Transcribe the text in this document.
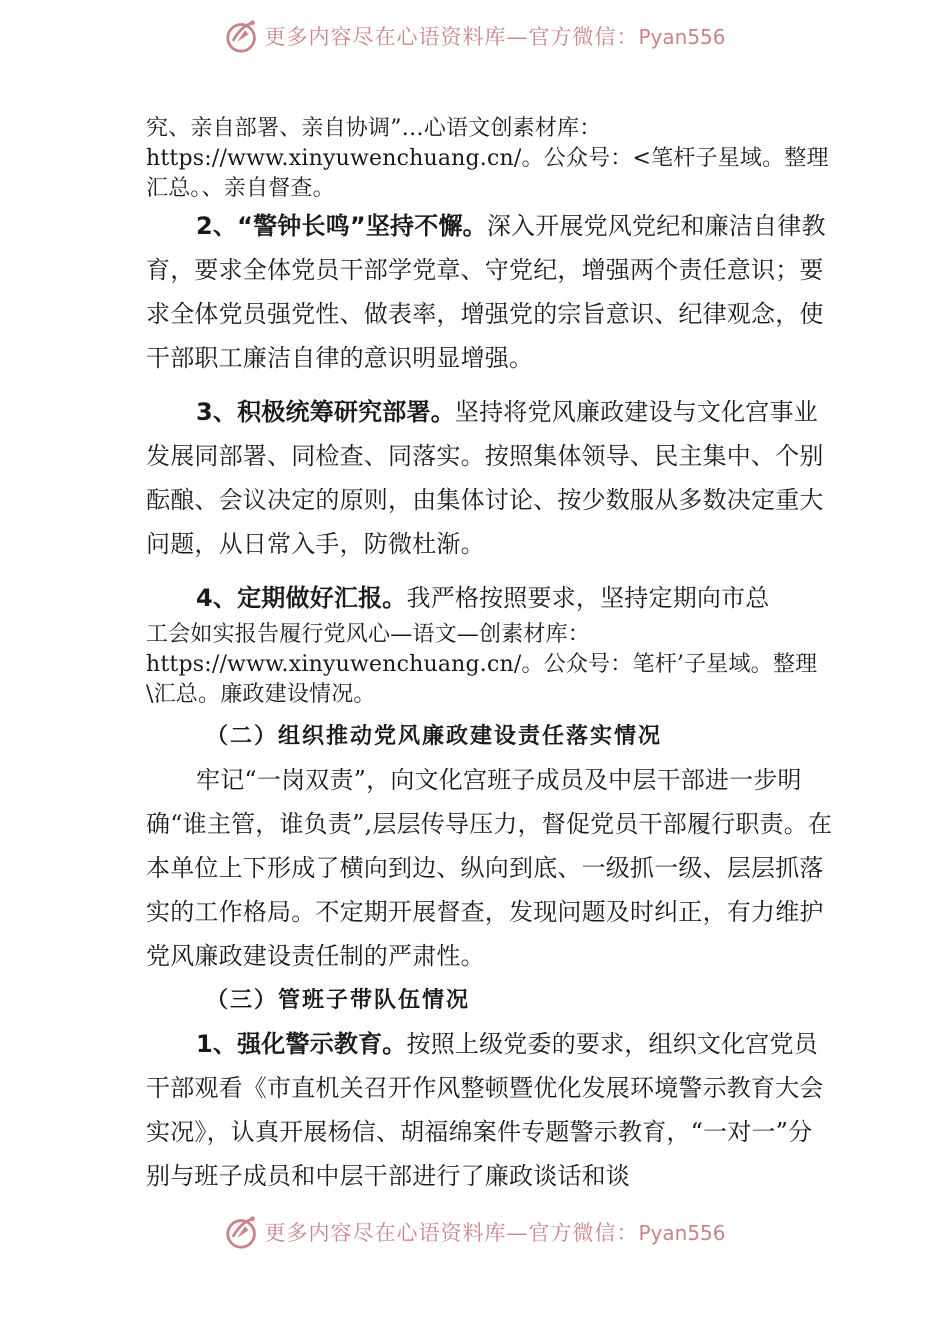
更多内容尽在心语资料库—官方微信：Pyan556

究、亲自部署、亲自协调”…心语文创素材库：https://www.xinyuwenchuang.cn/。公众号：<笔杆子星域。整理汇总。、亲自督查。

2、“警钟长鸣”坚持不懈。深入开展党风党纪和廉洁自律教育，要求全体党员干部学党章、守党纪，增强两个责任意识；要求全体党员强党性、做表率，增强党的宗旨意识、纪律观念，使干部职工廉洁自律的意识明显增强。

3、积极统筹研究部署。坚持将党风廉政建设与文化宫事业发展同部署、同检查、同落实。按照集体领导、民主集中、个别酝酿、会议决定的原则，由集体讨论、按少数服从多数决定重大问题，从日常入手，防微杜渐。

4、定期做好汇报。我严格按照要求，坚持定期向市总

工会如实报告履行党风心—语文—创素材库：https://www.xinyuwenchuang.cn/。公众号：笔杆’子星域。整理\汇总。廉政建设情况。

（二）组织推动党风廉政建设责任落实情况

牢记“一岗双责”，向文化宫班子成员及中层干部进一步明确“谁主管，谁负责”,层层传导压力，督促党员干部履行职责。在本单位上下形成了横向到边、纵向到底、一级抓一级、层层抓落实的工作格局。不定期开展督查，发现问题及时纠正，有力维护党风廉政建设责任制的严肃性。

（三）管班子带队伍情况

1、强化警示教育。按照上级党委的要求，组织文化宫党员干部观看《市直机关召开作风整顿暨优化发展环境警示教育大会实况》，认真开展杨信、胡福绵案件专题警示教育，“一对一”分别与班子成员和中层干部进行了廉政谈话和谈

更多内容尽在心语资料库—官方微信：Pyan556
